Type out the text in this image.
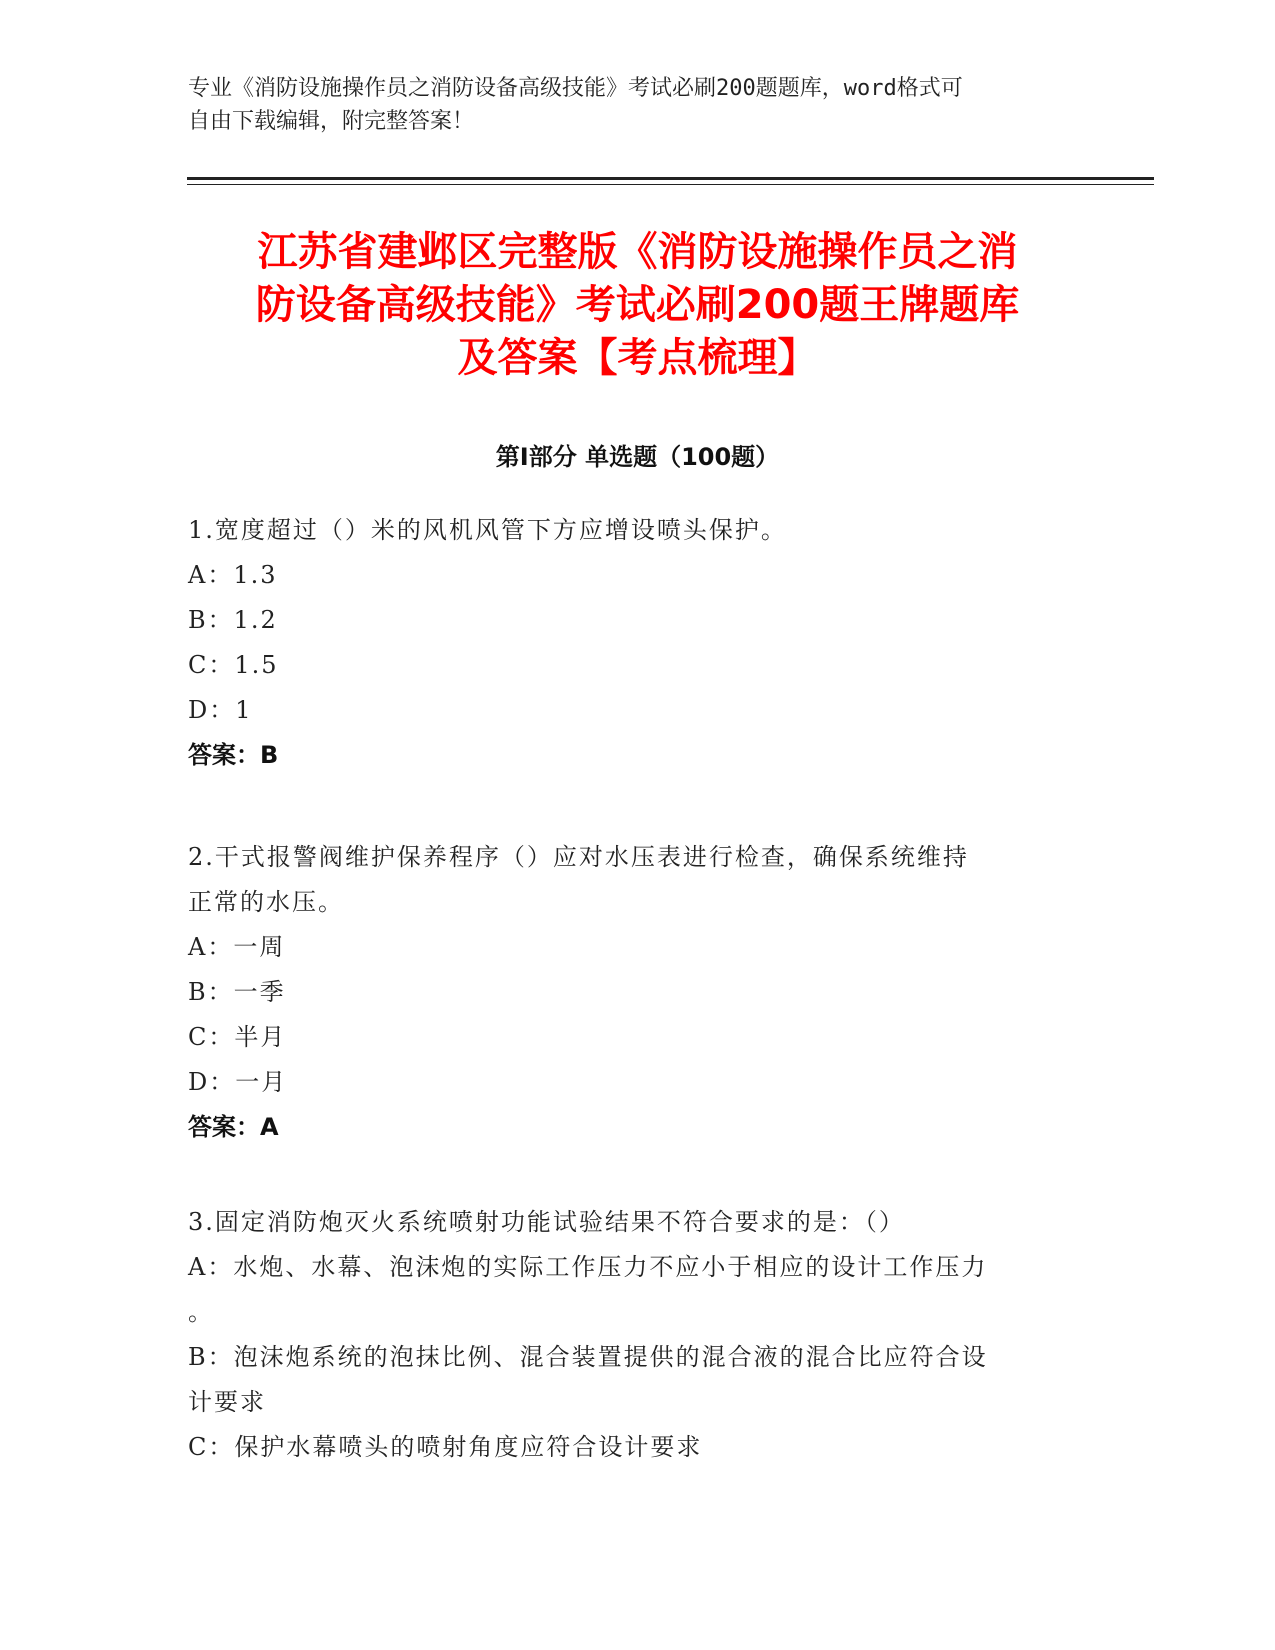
专业《消防设施操作员之消防设备高级技能》考试必刷200题题库，word格式可
自由下载编辑，附完整答案！
江苏省建邺区完整版《消防设施操作员之消
防设备高级技能》考试必刷200题王牌题库
及答案【考点梳理】
第Ⅰ部分 单选题（100题）
1.宽度超过（）米的风机风管下方应增设喷头保护。
A：1.3
B：1.2
C：1.5
D：1
答案：B
2.干式报警阀维护保养程序（）应对水压表进行检查，确保系统维持
正常的水压。
A：一周
B：一季
C：半月
D：一月
答案：A
3.固定消防炮灭火系统喷射功能试验结果不符合要求的是：（）
A：水炮、水幕、泡沫炮的实际工作压力不应小于相应的设计工作压力
。
B：泡沫炮系统的泡抹比例、混合装置提供的混合液的混合比应符合设
计要求
C：保护水幕喷头的喷射角度应符合设计要求
